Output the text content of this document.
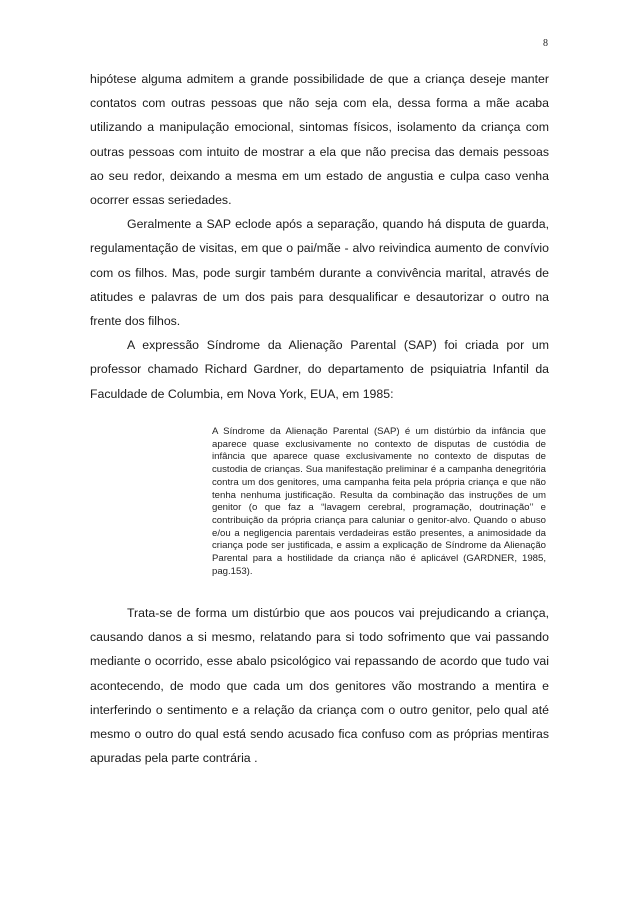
8

hipótese alguma admitem a grande possibilidade de que a criança deseje manter contatos com outras pessoas que não seja com ela, dessa forma a mãe acaba utilizando a manipulação emocional, sintomas físicos, isolamento da criança com outras pessoas com intuito de mostrar a ela que não precisa das demais pessoas ao seu redor, deixando a mesma em um estado de angustia e culpa caso venha ocorrer essas seriedades.

Geralmente a SAP eclode após a separação, quando há disputa de guarda, regulamentação de visitas, em que o pai/mãe - alvo reivindica aumento de convívio com os filhos. Mas, pode surgir também durante a convivência marital, através de atitudes e palavras de um dos pais para desqualificar e desautorizar o outro na frente dos filhos.

A expressão Síndrome da Alienação Parental (SAP) foi criada por um professor chamado Richard Gardner, do departamento de psiquiatria Infantil da Faculdade de Columbia, em Nova York, EUA, em 1985:

A Síndrome da Alienação Parental (SAP) é um distúrbio da infância que aparece quase exclusivamente no contexto de disputas de custódia de infância que aparece quase exclusivamente no contexto de disputas de custodia de crianças. Sua manifestação preliminar é a campanha denegritória contra um dos genitores, uma campanha feita pela própria criança e que não tenha nenhuma justificação. Resulta da combinação das instruções de um genitor (o que faz a “lavagem cerebral, programação, doutrinação’’ e contribuição da própria criança para caluniar o genitor-alvo. Quando o abuso e/ou a negligencia parentais verdadeiras estão presentes, a animosidade da criança pode ser justificada, e assim a explicação de Síndrome da Alienação Parental para a hostilidade da criança não é aplicável (GARDNER, 1985, pag.153).

Trata-se de forma um distúrbio que aos poucos vai prejudicando a criança, causando danos a si mesmo, relatando para si todo sofrimento que vai passando mediante o ocorrido, esse abalo psicológico vai repassando de acordo que tudo vai acontecendo, de modo que cada um dos genitores vão mostrando a mentira e interferindo o sentimento e a relação da criança com o outro genitor, pelo qual até mesmo o outro do qual está sendo acusado fica confuso com as próprias mentiras apuradas pela parte contrária .
